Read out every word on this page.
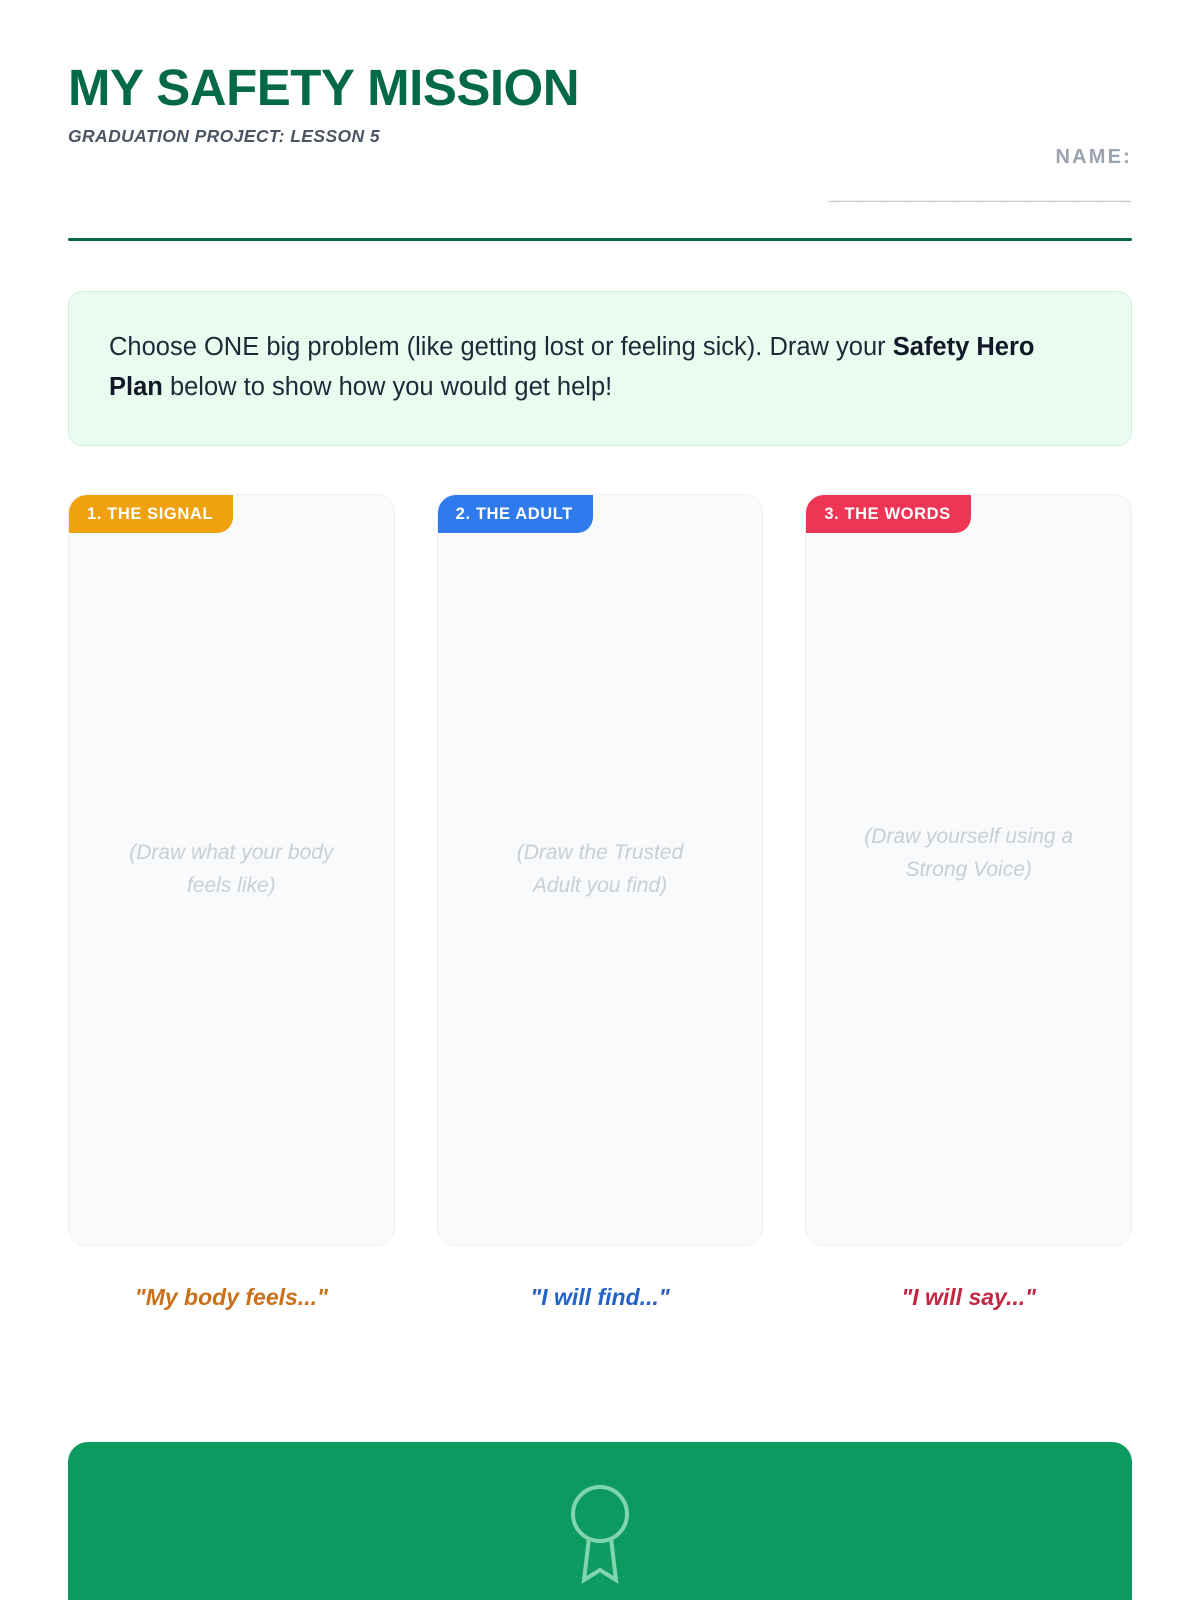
MY SAFETY MISSION
GRADUATION PROJECT: LESSON 5
NAME:
_________________________

Choose ONE big problem (like getting lost or feeling sick). Draw your Safety Hero Plan below to show how you would get help!

1. THE SIGNAL
(Draw what your body feels like)
"My body feels..."
2. THE ADULT
(Draw the Trusted Adult you find)
"I will find..."
3. THE WORDS
(Draw yourself using a Strong Voice)
"I will say..."
